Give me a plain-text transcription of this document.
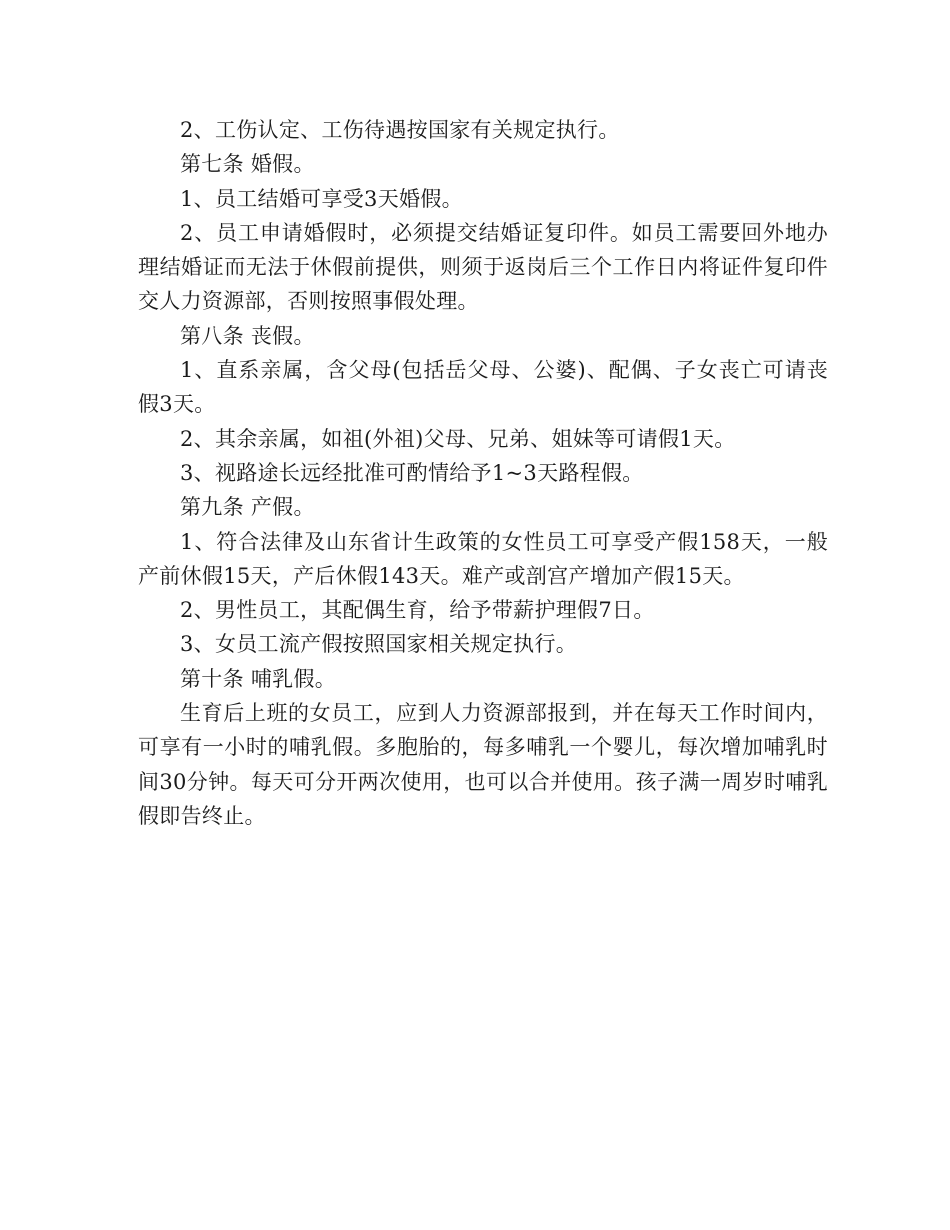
2、工伤认定、工伤待遇按国家有关规定执行。

第七条 婚假。

1、员工结婚可享受3天婚假。

2、员工申请婚假时，必须提交结婚证复印件。如员工需要回外地办理结婚证而无法于休假前提供，则须于返岗后三个工作日内将证件复印件交人力资源部，否则按照事假处理。

第八条 丧假。

1、直系亲属，含父母(包括岳父母、公婆)、配偶、子女丧亡可请丧假3天。

2、其余亲属，如祖(外祖)父母、兄弟、姐妹等可请假1天。

3、视路途长远经批准可酌情给予1~3天路程假。

第九条 产假。

1、符合法律及山东省计生政策的女性员工可享受产假158天，一般产前休假15天，产后休假143天。难产或剖宫产增加产假15天。

2、男性员工，其配偶生育，给予带薪护理假7日。

3、女员工流产假按照国家相关规定执行。

第十条 哺乳假。

生育后上班的女员工，应到人力资源部报到，并在每天工作时间内，可享有一小时的哺乳假。多胞胎的，每多哺乳一个婴儿，每次增加哺乳时间30分钟。每天可分开两次使用，也可以合并使用。孩子满一周岁时哺乳假即告终止。
